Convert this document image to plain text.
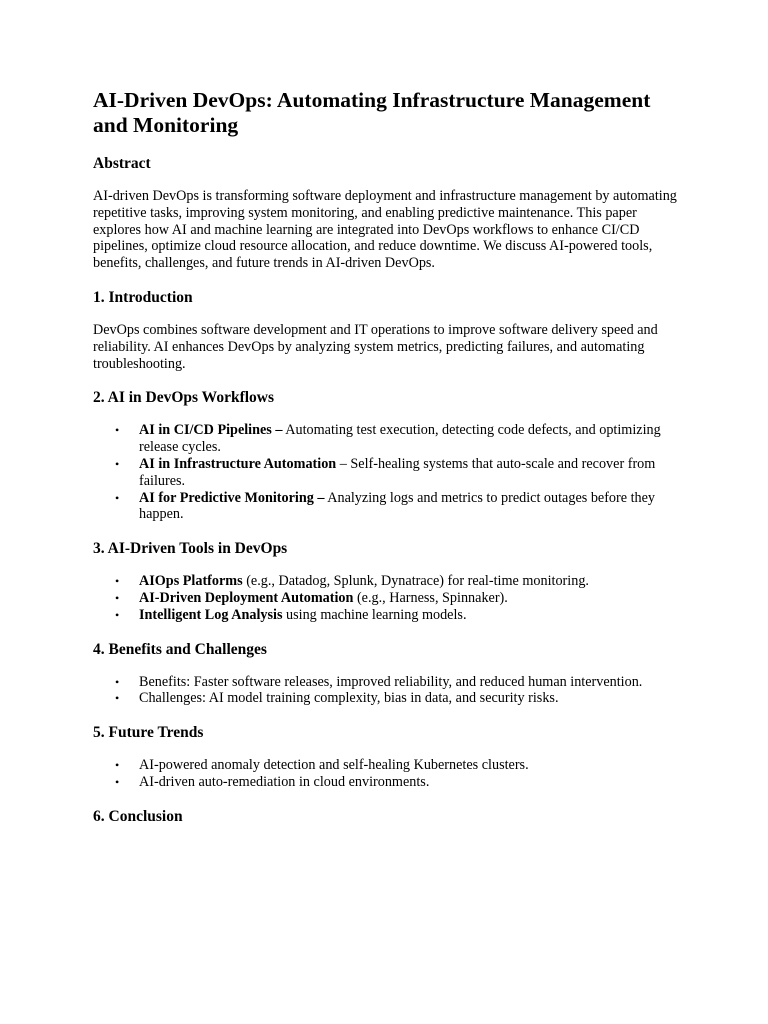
AI-Driven DevOps: Automating Infrastructure Management and Monitoring
Abstract

AI-driven DevOps is transforming software deployment and infrastructure management by automating repetitive tasks, improving system monitoring, and enabling predictive maintenance. This paper explores how AI and machine learning are integrated into DevOps workflows to enhance CI/CD pipelines, optimize cloud resource allocation, and reduce downtime. We discuss AI-powered tools, benefits, challenges, and future trends in AI-driven DevOps.

1. Introduction

DevOps combines software development and IT operations to improve software delivery speed and reliability. AI enhances DevOps by analyzing system metrics, predicting failures, and automating troubleshooting.

2. AI in DevOps Workflows
• AI in CI/CD Pipelines – Automating test execution, detecting code defects, and optimizing release cycles.
• AI in Infrastructure Automation – Self-healing systems that auto-scale and recover from failures.
• AI for Predictive Monitoring – Analyzing logs and metrics to predict outages before they happen.
3. AI-Driven Tools in DevOps
• AIOps Platforms (e.g., Datadog, Splunk, Dynatrace) for real-time monitoring.
• AI-Driven Deployment Automation (e.g., Harness, Spinnaker).
• Intelligent Log Analysis using machine learning models.
4. Benefits and Challenges
• Benefits: Faster software releases, improved reliability, and reduced human intervention.
• Challenges: AI model training complexity, bias in data, and security risks.
5. Future Trends
• AI-powered anomaly detection and self-healing Kubernetes clusters.
• AI-driven auto-remediation in cloud environments.
6. Conclusion
